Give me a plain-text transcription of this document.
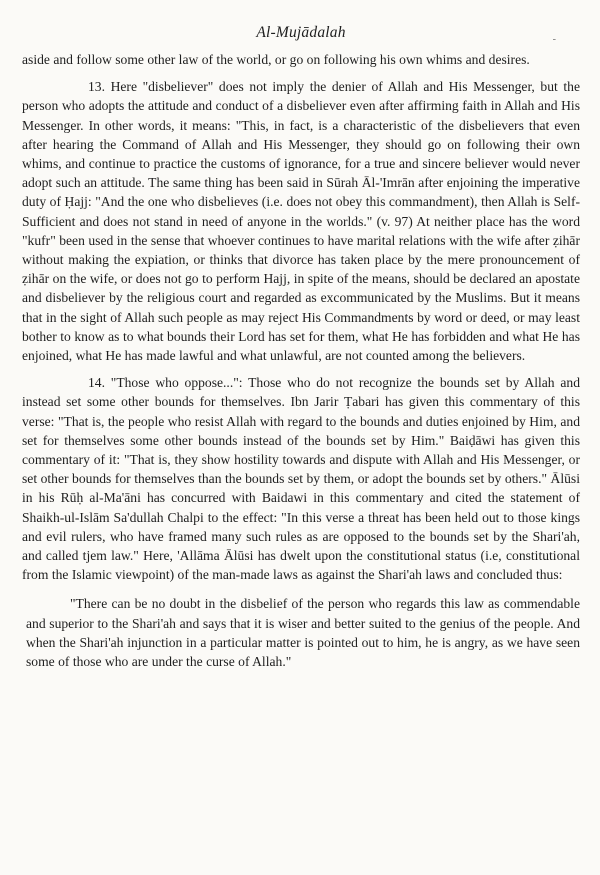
Al-Mujādalah	-

aside and follow some other law of the world, or go on following his own whims and desires.

13. Here "disbeliever" does not imply the denier of Allah and His Messenger, but the person who adopts the attitude and conduct of a disbeliever even after affirming faith in Allah and His Messenger. In other words, it means: "This, in fact, is a characteristic of the disbelievers that even after hearing the Command of Allah and His Messenger, they should go on following their own whims, and continue to practice the customs of ignorance, for a true and sincere believer would never adopt such an attitude. The same thing has been said in Sūrah Āl-'Imrān after enjoining the imperative duty of Ḥajj: "And the one who disbelieves (i.e. does not obey this commandment), then Allah is Self-Sufficient and does not stand in need of anyone in the worlds." (v. 97) At neither place has the word "kufr" been used in the sense that whoever continues to have marital relations with the wife after ẓihār without making the expiation, or thinks that divorce has taken place by the mere pronouncement of ẓihār on the wife, or does not go to perform Hajj, in spite of the means, should be declared an apostate and disbeliever by the religious court and regarded as excommunicated by the Muslims. But it means that in the sight of Allah such people as may reject His Commandments by word or deed, or may least bother to know as to what bounds their Lord has set for them, what He has forbidden and what He has enjoined, what He has made lawful and what unlawful, are not counted among the believers.

14. "Those who oppose...": Those who do not recognize the bounds set by Allah and instead set some other bounds for themselves. Ibn Jarir Ṭabari has given this commentary of this verse: "That is, the people who resist Allah with regard to the bounds and duties enjoined by Him, and set for themselves some other bounds instead of the bounds set by Him." Baiḍāwi has given this commentary of it: "That is, they show hostility towards and dispute with Allah and His Messenger, or set other bounds for themselves than the bounds set by them, or adopt the bounds set by others." Ālūsi in his Rūḥ al-Ma'āni has concurred with Baidawi in this commentary and cited the statement of Shaikh-ul-Islām Sa'dullah Chalpi to the effect: "In this verse a threat has been held out to those kings and evil rulers, who have framed many such rules as are opposed to the bounds set by the Shari'ah, and called tjem law." Here, 'Allāma Ālūsi has dwelt upon the constitutional status (i.e, constitutional from the Islamic viewpoint) of the man-made laws as against the Shari'ah laws and concluded thus:

"There can be no doubt in the disbelief of the person who regards this law as commendable and superior to the Shari'ah and says that it is wiser and better suited to the genius of the people. And when the Shari'ah injunction in a particular matter is pointed out to him, he is angry, as we have seen some of those who are under the curse of Allah."
